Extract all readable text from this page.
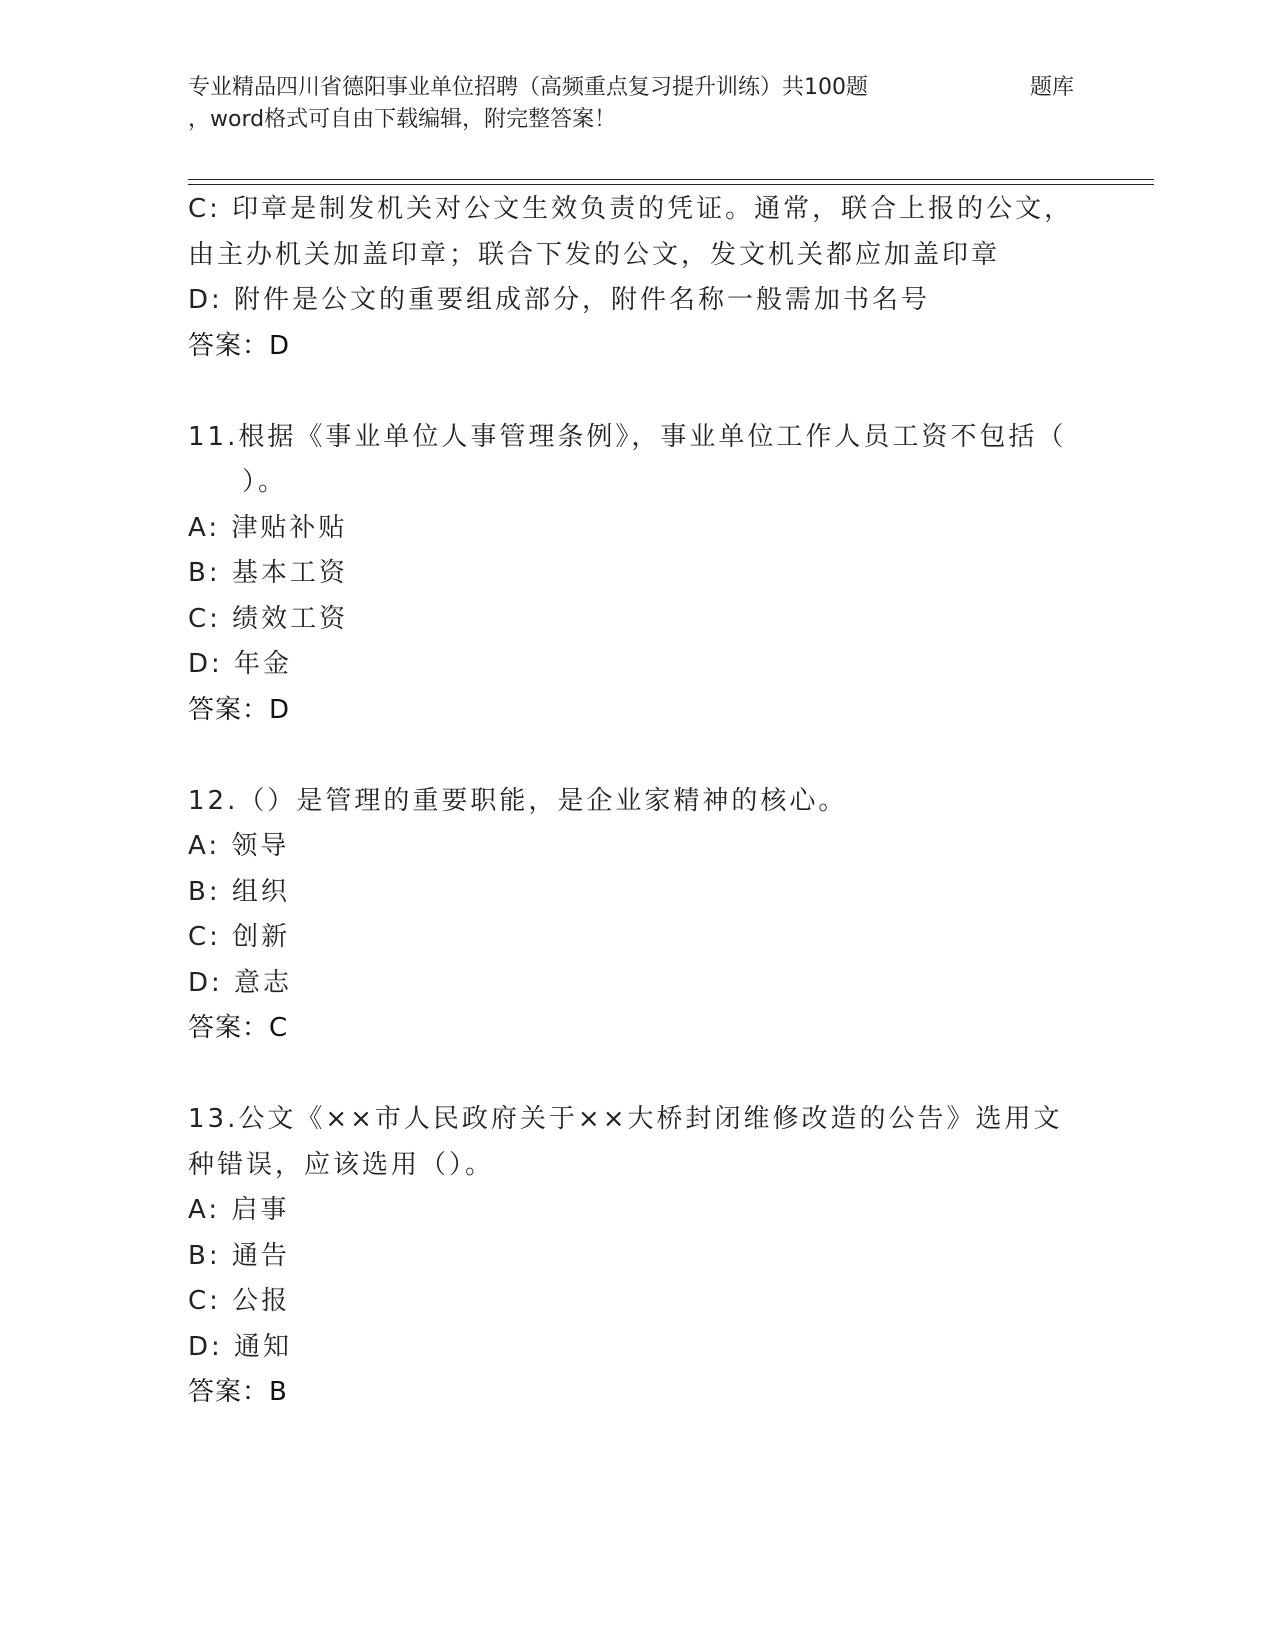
专业精品四川省德阳事业单位招聘（高频重点复习提升训练）共100题	题库
，word格式可自由下载编辑，附完整答案！
C: 印章是制发机关对公文生效负责的凭证。通常，联合上报的公文，
由主办机关加盖印章；联合下发的公文，发文机关都应加盖印章
D: 附件是公文的重要组成部分，附件名称一般需加书名号
答案：D
11.根据《事业单位人事管理条例》，事业单位工作人员工资不包括（
）。
A: 津贴补贴
B: 基本工资
C: 绩效工资
D: 年金
答案：D
12.（）是管理的重要职能，是企业家精神的核心。
A: 领导
B: 组织
C: 创新
D: 意志
答案：C
13.公文《××市人民政府关于××大桥封闭维修改造的公告》选用文
种错误，应该选用（）。
A: 启事
B: 通告
C: 公报
D: 通知
答案：B
